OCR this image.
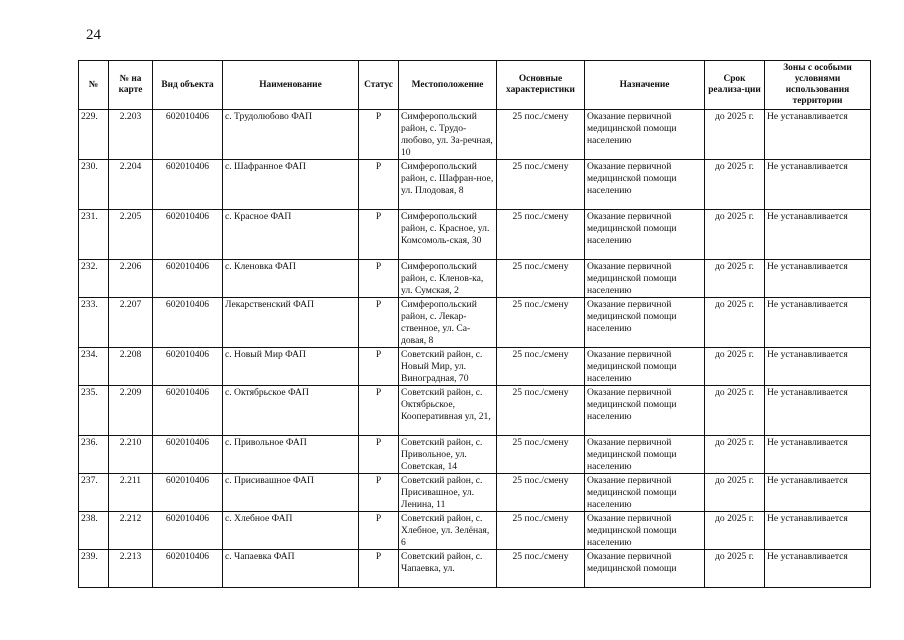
24
№	№ на карте	Вид объекта	Наименование	Статус	Местоположение	Основные характеристики	Назначение	Срок реализа-ции	Зоны с особыми условиями использования территории

229.	2.203	602010406	с. Трудолюбово ФАП	Р	Симферопольский район, с. Трудо-любово, ул. За-речная, 10	25 пос./смену	Оказание первичной медицинской помощи населению	до 2025 г.	Не устанавливается

230.	2.204	602010406	с. Шафранное ФАП	Р	Симферопольский район, с. Шафран-ное, ул. Плодовая, 8	25 пос./смену	Оказание первичной медицинской помощи населению	до 2025 г.	Не устанавливается

231.	2.205	602010406	с. Красное ФАП	Р	Симферопольский район, с. Красное, ул. Комсомоль-ская, 30	25 пос./смену	Оказание первичной медицинской помощи населению	до 2025 г.	Не устанавливается

232.	2.206	602010406	с. Кленовка ФАП	Р	Симферопольский район, с. Кленов-ка, ул. Сумская, 2	25 пос./смену	Оказание первичной медицинской помощи населению	до 2025 г.	Не устанавливается

233.	2.207	602010406	Лекарственский ФАП	Р	Симферопольский район, с. Лекар-ственное, ул. Са-довая, 8	25 пос./смену	Оказание первичной медицинской помощи населению	до 2025 г.	Не устанавливается

234.	2.208	602010406	с. Новый Мир ФАП	Р	Советский район, с. Новый Мир, ул. Виноградная, 70	25 пос./смену	Оказание первичной медицинской помощи населению	до 2025 г.	Не устанавливается

235.	2.209	602010406	с. Октябрьское ФАП	Р	Советский район, с. Октябрьское, Кооперативная ул, 21,	25 пос./смену	Оказание первичной медицинской помощи населению	до 2025 г.	Не устанавливается

236.	2.210	602010406	с. Привольное ФАП	Р	Советский район, с. Привольное, ул. Советская, 14	25 пос./смену	Оказание первичной медицинской помощи населению	до 2025 г.	Не устанавливается

237.	2.211	602010406	с. Присивашное ФАП	Р	Советский район, с. Присивашное, ул. Ленина, 11	25 пос./смену	Оказание первичной медицинской помощи населению	до 2025 г.	Не устанавливается

238.	2.212	602010406	с. Хлебное ФАП	Р	Советский район, с. Хлебное, ул. Зелёная, 6	25 пос./смену	Оказание первичной медицинской помощи населению	до 2025 г.	Не устанавливается

239.	2.213	602010406	с. Чапаевка ФАП	Р	Советский район, с. Чапаевка, ул.	25 пос./смену	Оказание первичной медицинской помощи	до 2025 г.	Не устанавливается
